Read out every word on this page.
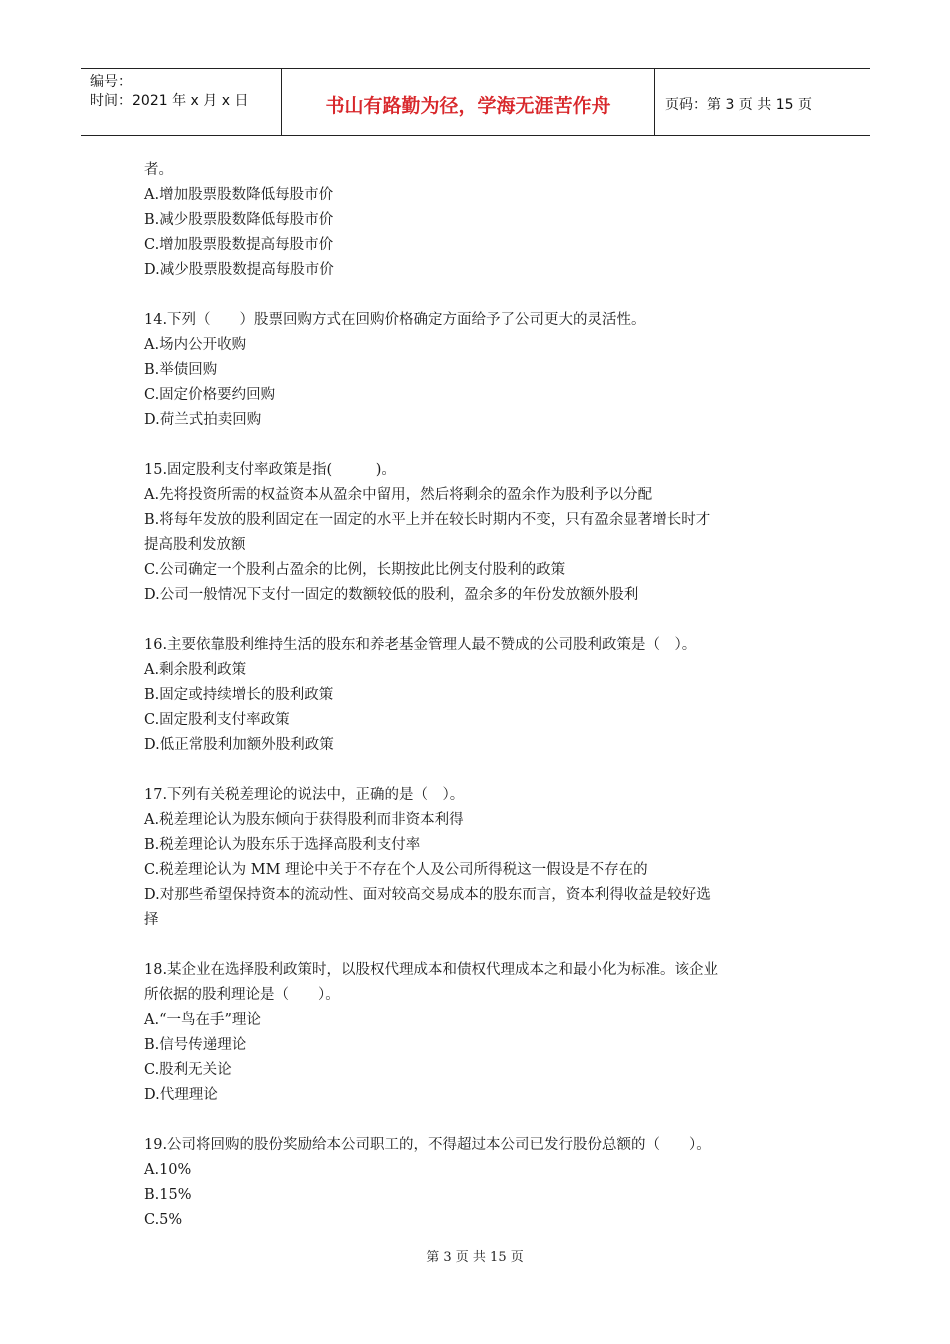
编号：
时间：2021 年 x 月 x 日	书山有路勤为径，学海无涯苦作舟	页码：第 3 页 共 15 页
者。
A.增加股票股数降低每股市价
B.减少股票股数降低每股市价
C.增加股票股数提高每股市价
D.减少股票股数提高每股市价
14.下列（　　）股票回购方式在回购价格确定方面给予了公司更大的灵活性。
A.场内公开收购
B.举债回购
C.固定价格要约回购
D.荷兰式拍卖回购
15.固定股利支付率政策是指(　　　)。
A.先将投资所需的权益资本从盈余中留用，然后将剩余的盈余作为股利予以分配
B.将每年发放的股利固定在一固定的水平上并在较长时期内不变，只有盈余显著增长时才
提高股利发放额
C.公司确定一个股利占盈余的比例，长期按此比例支付股利的政策
D.公司一般情况下支付一固定的数额较低的股利，盈余多的年份发放额外股利
16.主要依靠股利维持生活的股东和养老基金管理人最不赞成的公司股利政策是（　）。
A.剩余股利政策
B.固定或持续增长的股利政策
C.固定股利支付率政策
D.低正常股利加额外股利政策
17.下列有关税差理论的说法中，正确的是（　）。
A.税差理论认为股东倾向于获得股利而非资本利得
B.税差理论认为股东乐于选择高股利支付率
C.税差理论认为 MM 理论中关于不存在个人及公司所得税这一假设是不存在的
D.对那些希望保持资本的流动性、面对较高交易成本的股东而言，资本利得收益是较好选
择
18.某企业在选择股利政策时，以股权代理成本和债权代理成本之和最小化为标准。该企业
所依据的股利理论是（　　）。
A.“一鸟在手”理论
B.信号传递理论
C.股利无关论
D.代理理论
19.公司将回购的股份奖励给本公司职工的，不得超过本公司已发行股份总额的（　　）。
A.10%
B.15%
C.5%
第 3 页 共 15 页
